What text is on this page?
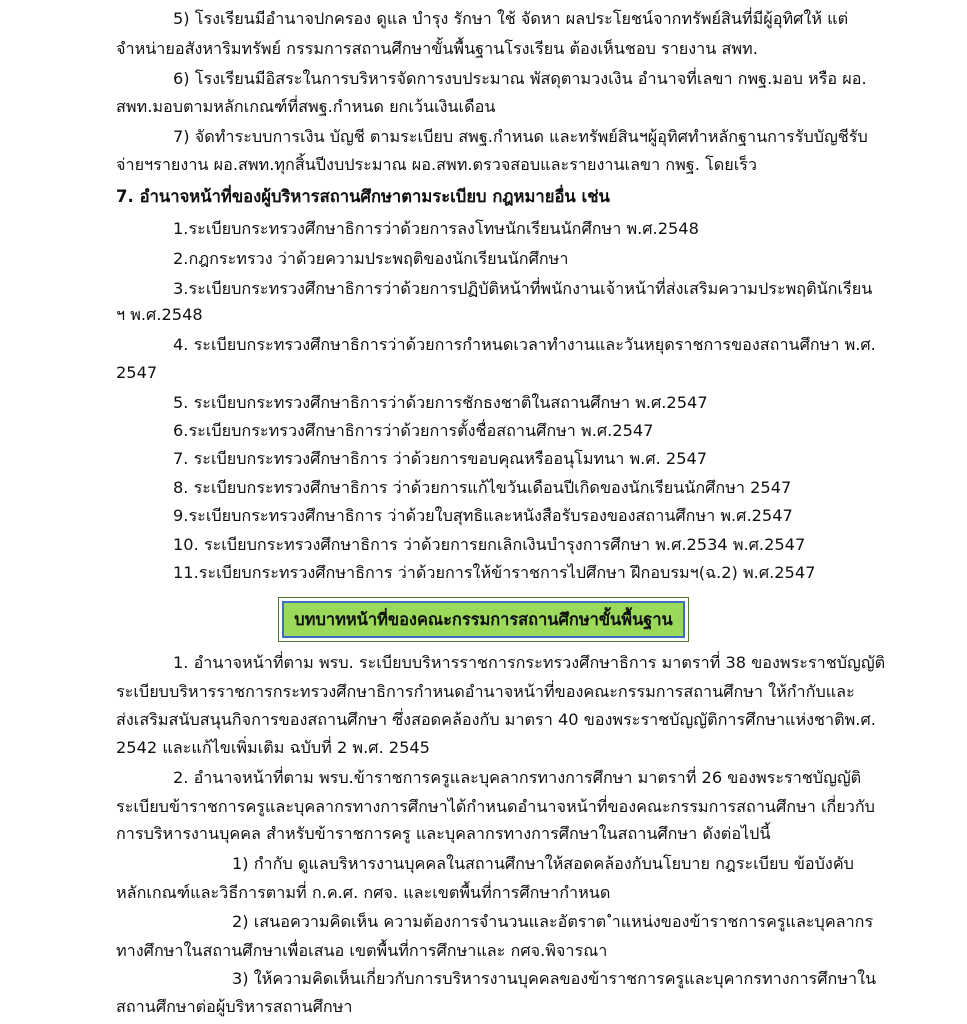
5) โรงเรียนมีอำนาจปกครอง ดูแล บำรุง รักษา ใช้ จัดหา ผลประโยชน์จากทรัพย์สินที่มีผู้อุทิศให้ แต่
จำหน่ายอสังหาริมทรัพย์ กรรมการสถานศึกษาขั้นพื้นฐานโรงเรียน ต้องเห็นชอบ รายงาน สพท.
6) โรงเรียนมีอิสระในการบริหารจัดการงบประมาณ พัสดุตามวงเงิน อำนาจที่เลขา กพฐ.มอบ หรือ ผอ.
สพท.มอบตามหลักเกณฑ์ที่สพฐ.กำหนด ยกเว้นเงินเดือน
7) จัดทำระบบการเงิน บัญชี ตามระเบียบ สพฐ.กำหนด และทรัพย์สินฯผู้อุทิศทำหลักฐานการรับบัญชีรับ
จ่ายฯรายงาน ผอ.สพท.ทุกสิ้นปีงบประมาณ ผอ.สพท.ตรวจสอบและรายงานเลขา กพฐ. โดยเร็ว
7. อำนาจหน้าที่ของผู้บริหารสถานศึกษาตามระเบียบ กฎหมายอื่น เช่น
1.ระเบียบกระทรวงศึกษาธิการว่าด้วยการลงโทษนักเรียนนักศึกษา พ.ศ.2548
2.กฎกระทรวง ว่าด้วยความประพฤติของนักเรียนนักศึกษา
3.ระเบียบกระทรวงศึกษาธิการว่าด้วยการปฏิบัติหน้าที่พนักงานเจ้าหน้าที่ส่งเสริมความประพฤตินักเรียน
ฯ พ.ศ.2548
4. ระเบียบกระทรวงศึกษาธิการว่าด้วยการกำหนดเวลาทำงานและวันหยุดราชการของสถานศึกษา พ.ศ.
2547
5. ระเบียบกระทรวงศึกษาธิการว่าด้วยการชักธงชาติในสถานศึกษา พ.ศ.2547
6.ระเบียบกระทรวงศึกษาธิการว่าด้วยการตั้งชื่อสถานศึกษา พ.ศ.2547
7. ระเบียบกระทรวงศึกษาธิการ ว่าด้วยการขอบคุณหรืออนุโมทนา พ.ศ. 2547
8. ระเบียบกระทรวงศึกษาธิการ ว่าด้วยการแก้ไขวันเดือนปีเกิดของนักเรียนนักศึกษา 2547
9.ระเบียบกระทรวงศึกษาธิการ ว่าด้วยใบสุทธิและหนังสือรับรองของสถานศึกษา พ.ศ.2547
10. ระเบียบกระทรวงศึกษาธิการ ว่าด้วยการยกเลิกเงินบำรุงการศึกษา พ.ศ.2534 พ.ศ.2547
11.ระเบียบกระทรวงศึกษาธิการ ว่าด้วยการให้ข้าราชการไปศึกษา ฝึกอบรมฯ(ฉ.2) พ.ศ.2547
บทบาทหน้าที่ของคณะกรรมการสถานศึกษาขั้นพื้นฐาน
1. อำนาจหน้าที่ตาม พรบ. ระเบียบบริหารราชการกระทรวงศึกษาธิการ มาตราที่ 38 ของพระราชบัญญัติ
ระเบียบบริหารราชการกระทรวงศึกษาธิการกำหนดอำนาจหน้าที่ของคณะกรรมการสถานศึกษา ให้กำกับและ
ส่งเสริมสนับสนุนกิจการของสถานศึกษา ซึ่งสอดคล้องกับ มาตรา 40 ของพระราชบัญญัติการศึกษาแห่งชาติพ.ศ.
2542 และแก้ไขเพิ่มเติม ฉบับที่ 2 พ.ศ. 2545
2. อำนาจหน้าที่ตาม พรบ.ข้าราชการครูและบุคลากรทางการศึกษา มาตราที่ 26 ของพระราชบัญญัติ
ระเบียบข้าราชการครูและบุคลากรทางการศึกษาได้กำหนดอำนาจหน้าที่ของคณะกรรมการสถานศึกษา เกี่ยวกับ
การบริหารงานบุคคล สำหรับข้าราชการครู และบุคลากรทางการศึกษาในสถานศึกษา ดังต่อไปนี้
1) กำกับ ดูแลบริหารงานบุคคลในสถานศึกษาให้สอดคล้องกับนโยบาย กฎระเบียบ ข้อบังคับ
หลักเกณฑ์และวิธีการตามที่ ก.ค.ศ. กศจ. และเขตพื้นที่การศึกษากำหนด
2) เสนอความคิดเห็น ความต้องการจำนวนและอัตราต ำแหน่งของข้าราชการครูและบุคลากร
ทางศึกษาในสถานศึกษาเพื่อเสนอ เขตพื้นที่การศึกษาและ กศจ.พิจารณา
3) ให้ความคิดเห็นเกี่ยวกับการบริหารงานบุคคลของข้าราชการครูและบุคากรทางการศึกษาใน
สถานศึกษาต่อผู้บริหารสถานศึกษา
